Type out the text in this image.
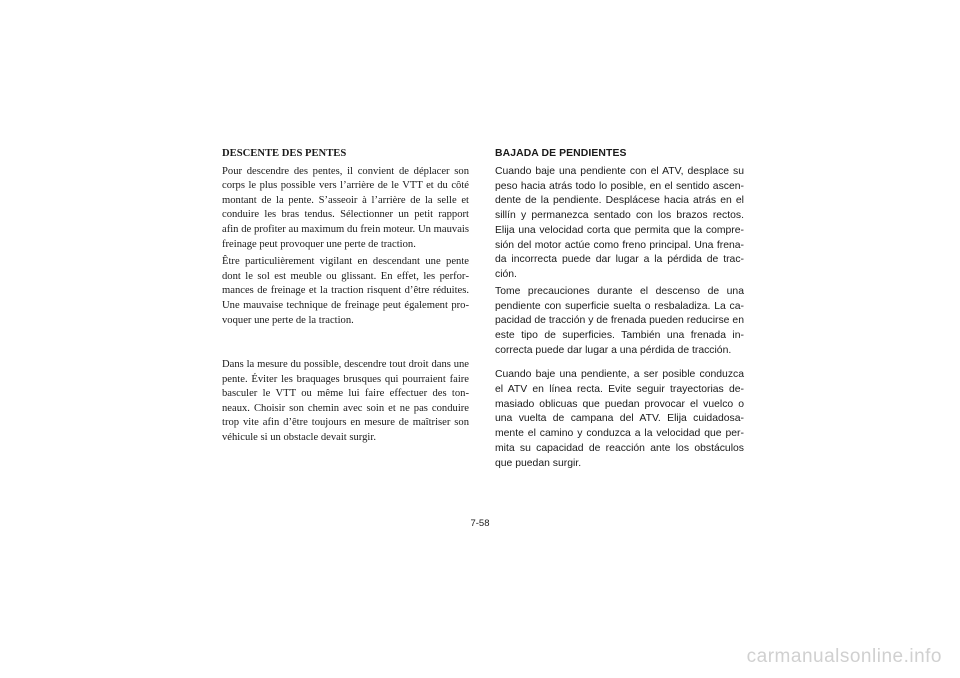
DESCENTE DES PENTES

Pour descendre des pentes, il convient de déplacer son corps le plus possible vers l’arrière de le VTT et du côté montant de la pente. S’asseoir à l’arrière de la selle et conduire les bras tendus. Sélectionner un petit rapport afin de profiter au maximum du frein moteur. Un mauvais freinage peut provoquer une perte de traction.

Être particulièrement vigilant en descendant une pente dont le sol est meuble ou glissant. En effet, les performances de freinage et la traction risquent d’être réduites. Une mauvaise technique de freinage peut également provoquer une perte de la traction.

Dans la mesure du possible, descendre tout droit dans une pente. Éviter les braquages brusques qui pourraient faire basculer le VTT ou même lui faire effectuer des tonneaux. Choisir son chemin avec soin et ne pas conduire trop vite afin d’être toujours en mesure de maîtriser son véhicule si un obstacle devait surgir.

BAJADA DE PENDIENTES

Cuando baje una pendiente con el ATV, desplace su peso hacia atrás todo lo posible, en el sentido ascendente de la pendiente. Desplácese hacia atrás en el sillín y permanezca sentado con los brazos rectos. Elija una velocidad corta que permita que la compresión del motor actúe como freno principal. Una frenada incorrecta puede dar lugar a la pérdida de tracción.

Tome precauciones durante el descenso de una pendiente con superficie suelta o resbaladiza. La capacidad de tracción y de frenada pueden reducirse en este tipo de superficies. También una frenada incorrecta puede dar lugar a una pérdida de tracción.

Cuando baje una pendiente, a ser posible conduzca el ATV en línea recta. Evite seguir trayectorias demasiado oblicuas que puedan provocar el vuelco o una vuelta de campana del ATV. Elija cuidadosamente el camino y conduzca a la velocidad que permita su capacidad de reacción ante los obstáculos que puedan surgir.

7-58
carmanualsonline.info
